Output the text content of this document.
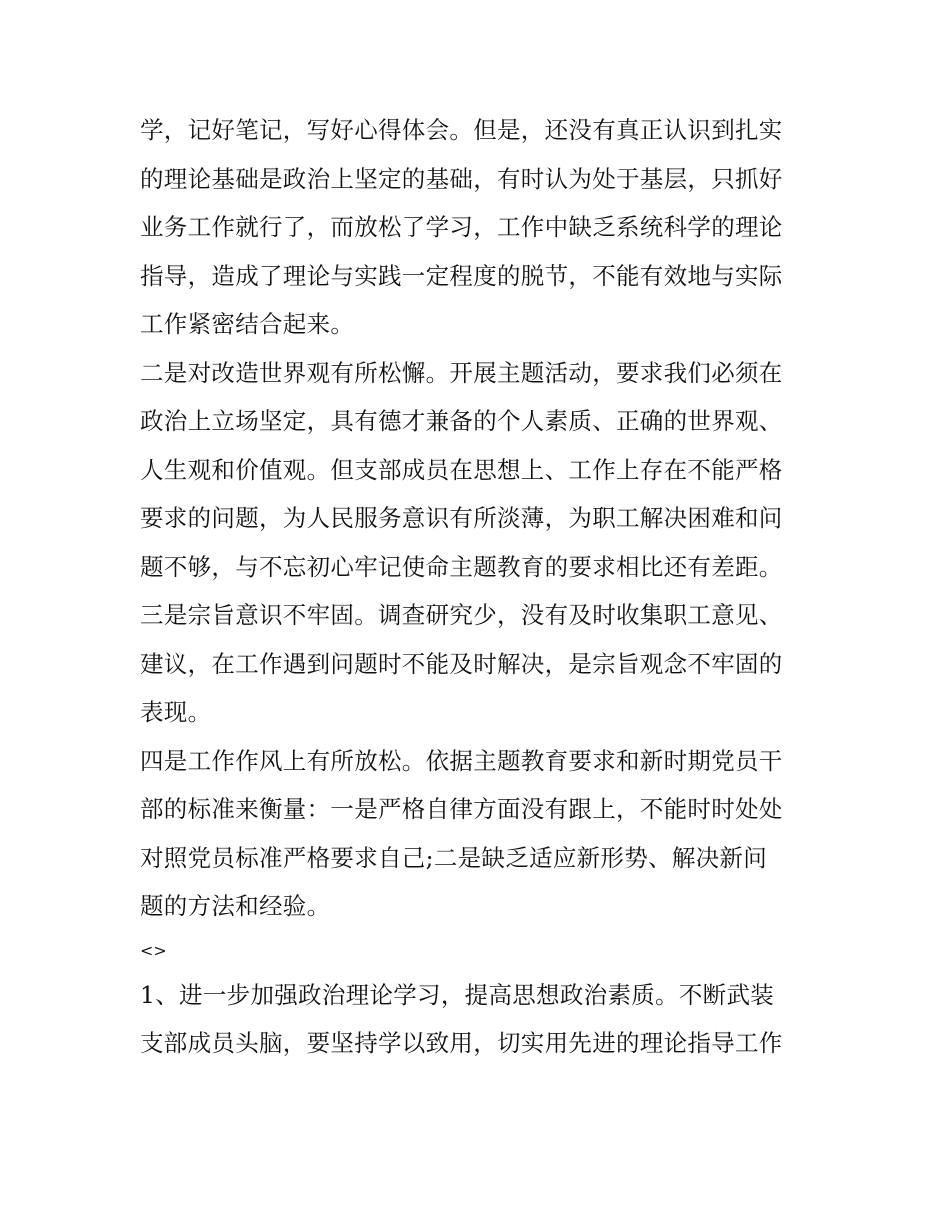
学，记好笔记，写好心得体会。但是，还没有真正认识到扎实
的理论基础是政治上坚定的基础，有时认为处于基层，只抓好
业务工作就行了，而放松了学习，工作中缺乏系统科学的理论
指导，造成了理论与实践一定程度的脱节，不能有效地与实际
工作紧密结合起来。
二是对改造世界观有所松懈。开展主题活动，要求我们必须在
政治上立场坚定，具有德才兼备的个人素质、正确的世界观、
人生观和价值观。但支部成员在思想上、工作上存在不能严格
要求的问题，为人民服务意识有所淡薄，为职工解决困难和问
题不够，与不忘初心牢记使命主题教育的要求相比还有差距。
三是宗旨意识不牢固。调查研究少，没有及时收集职工意见、
建议，在工作遇到问题时不能及时解决，是宗旨观念不牢固的
表现。
四是工作作风上有所放松。依据主题教育要求和新时期党员干
部的标准来衡量：一是严格自律方面没有跟上，不能时时处处
对照党员标准严格要求自己;二是缺乏适应新形势、解决新问
题的方法和经验。
<>
1、进一步加强政治理论学习，提高思想政治素质。不断武装
支部成员头脑，要坚持学以致用，切实用先进的理论指导工作
